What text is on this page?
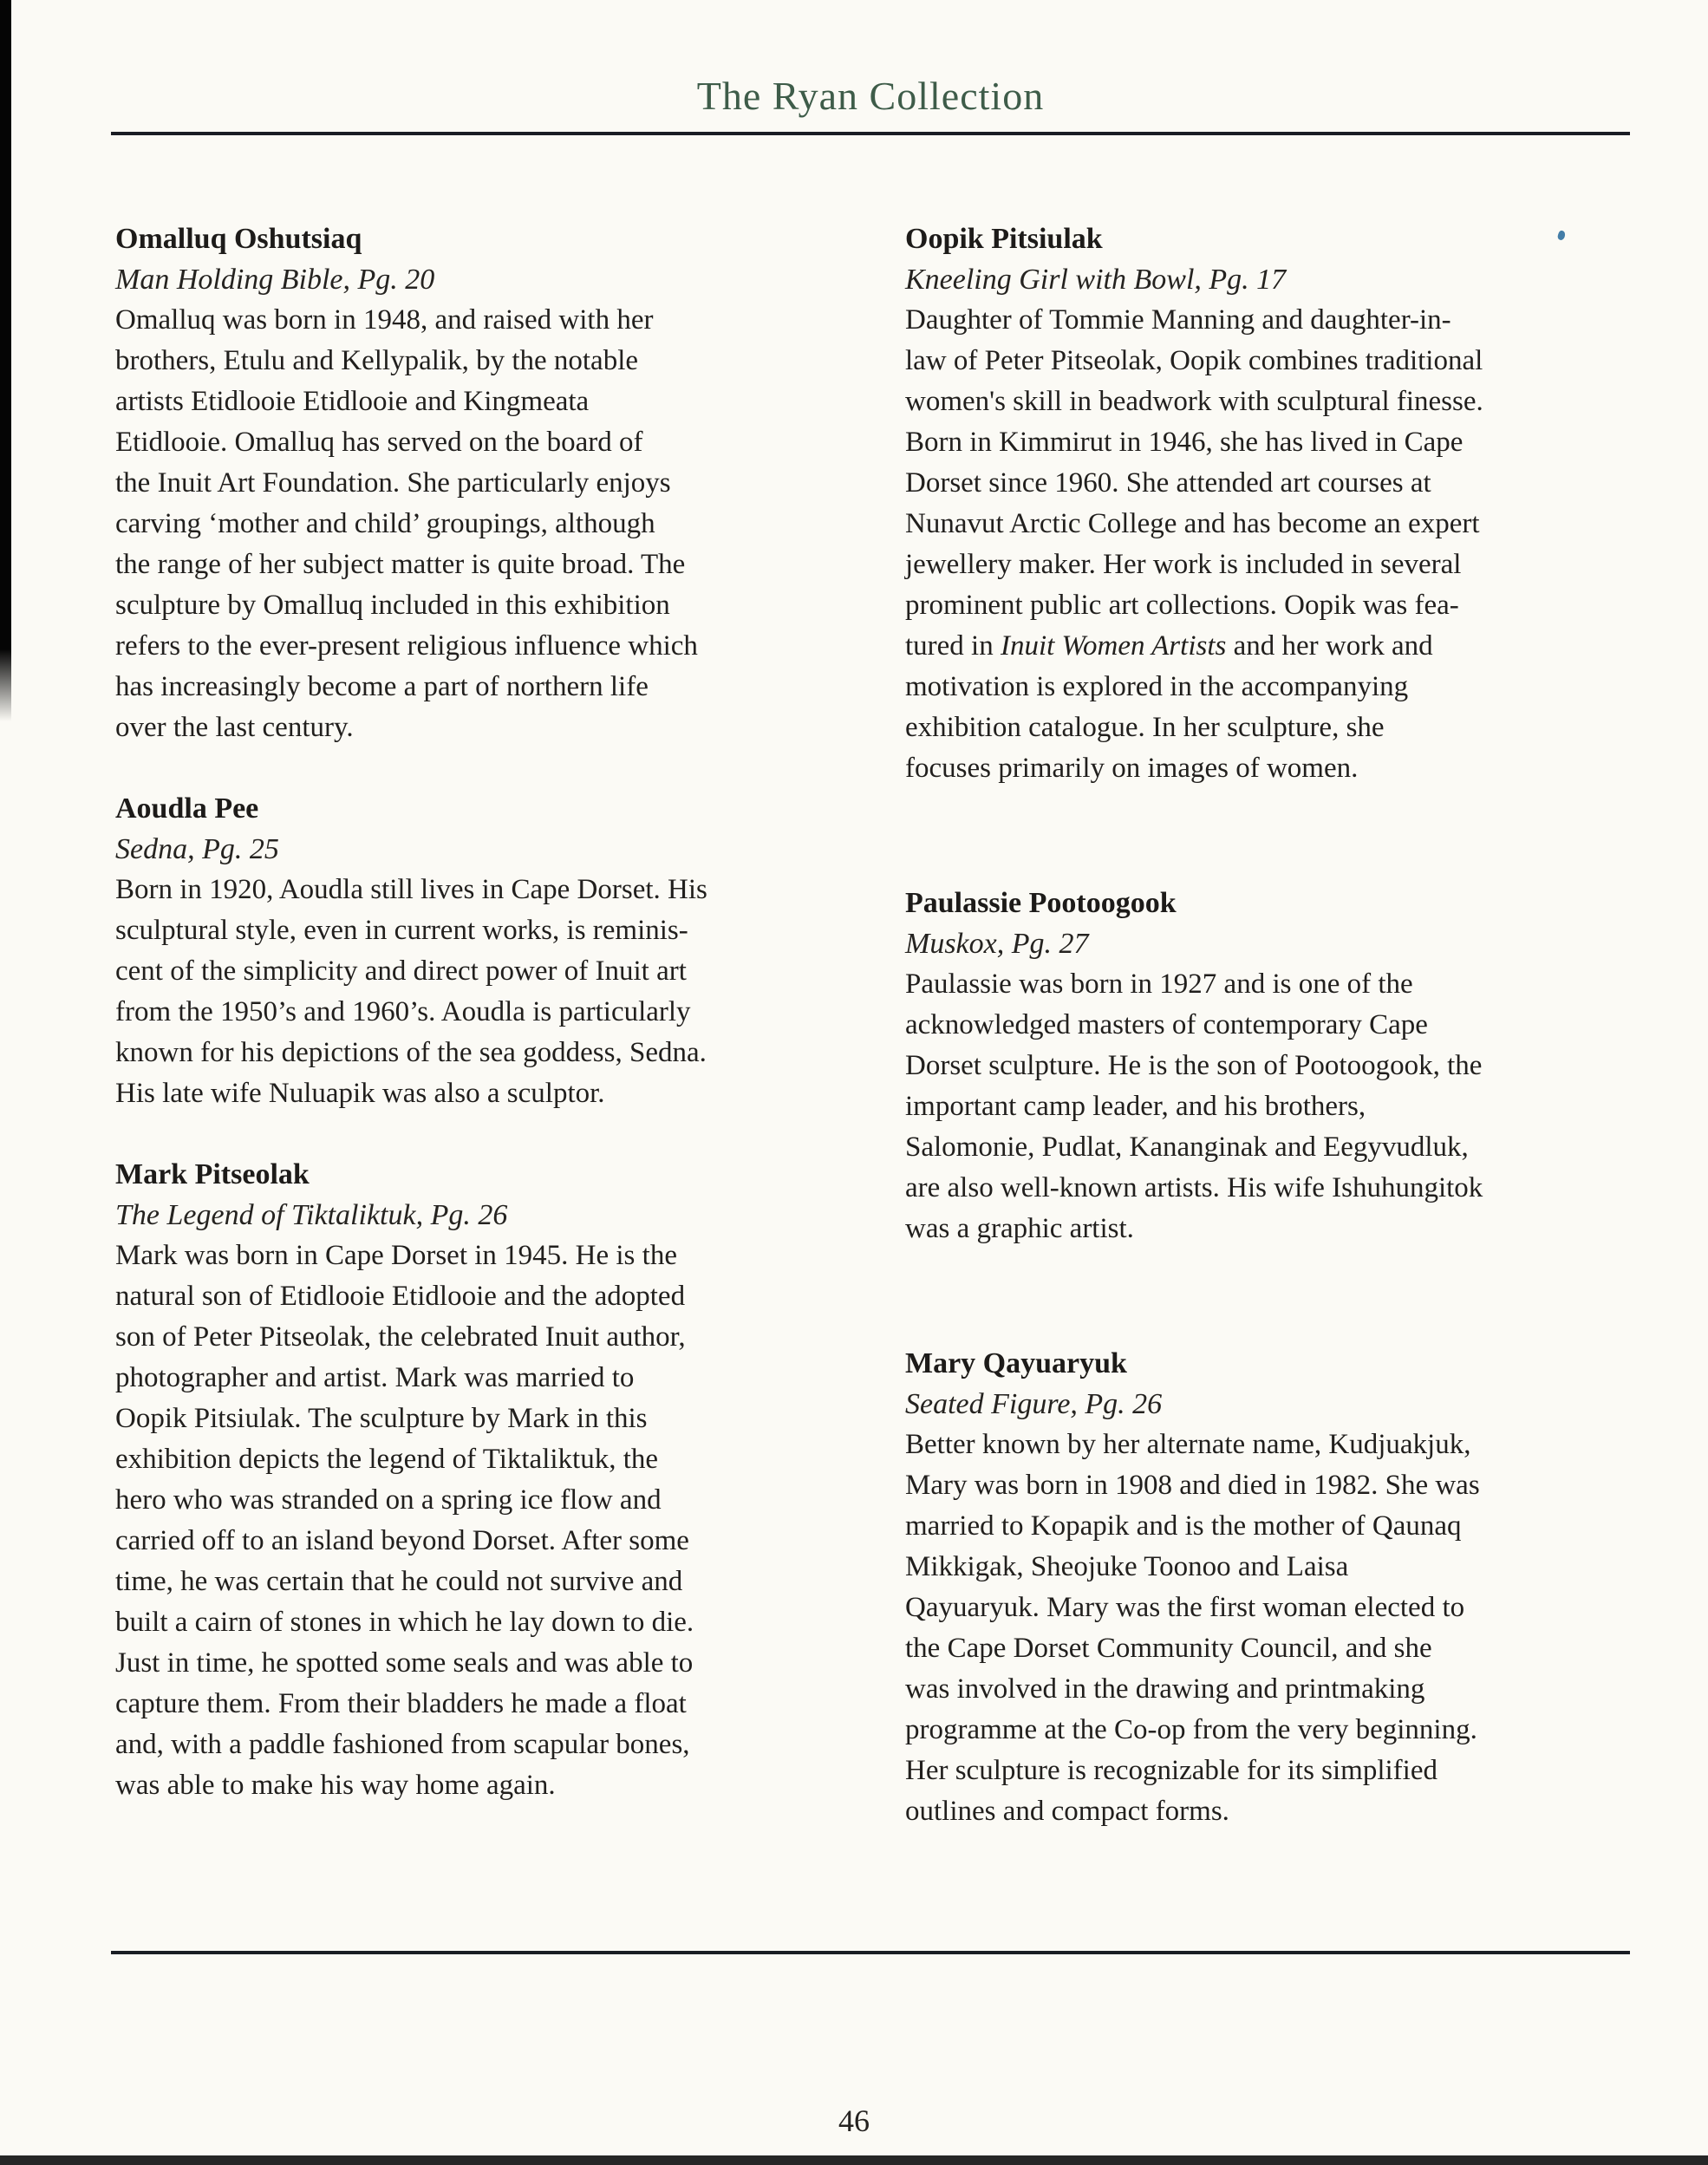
The Ryan Collection
Omalluq Oshutsiaq

Man Holding Bible, Pg. 20

Omalluq was born in 1948, and raised with her
brothers, Etulu and Kellypalik, by the notable
artists Etidlooie Etidlooie and Kingmeata
Etidlooie. Omalluq has served on the board of
the Inuit Art Foundation. She particularly enjoys
carving ‘mother and child’ groupings, although
the range of her subject matter is quite broad. The
sculpture by Omalluq included in this exhibition
refers to the ever-present religious influence which
has increasingly become a part of northern life
over the last century.

Aoudla Pee

Sedna, Pg. 25

Born in 1920, Aoudla still lives in Cape Dorset. His
sculptural style, even in current works, is reminis-
cent of the simplicity and direct power of Inuit art
from the 1950’s and 1960’s. Aoudla is particularly
known for his depictions of the sea goddess, Sedna.
His late wife Nuluapik was also a sculptor.

Mark Pitseolak

The Legend of Tiktaliktuk, Pg. 26

Mark was born in Cape Dorset in 1945. He is the
natural son of Etidlooie Etidlooie and the adopted
son of Peter Pitseolak, the celebrated Inuit author,
photographer and artist. Mark was married to
Oopik Pitsiulak. The sculpture by Mark in this
exhibition depicts the legend of Tiktaliktuk, the
hero who was stranded on a spring ice flow and
carried off to an island beyond Dorset. After some
time, he was certain that he could not survive and
built a cairn of stones in which he lay down to die.
Just in time, he spotted some seals and was able to
capture them. From their bladders he made a float
and, with a paddle fashioned from scapular bones,
was able to make his way home again.

Oopik Pitsiulak

Kneeling Girl with Bowl, Pg. 17

Daughter of Tommie Manning and daughter-in-
law of Peter Pitseolak, Oopik combines traditional
women's skill in beadwork with sculptural finesse.
Born in Kimmirut in 1946, she has lived in Cape
Dorset since 1960. She attended art courses at
Nunavut Arctic College and has become an expert
jewellery maker. Her work is included in several
prominent public art collections. Oopik was fea-
tured in Inuit Women Artists and her work and
motivation is explored in the accompanying
exhibition catalogue. In her sculpture, she
focuses primarily on images of women.

Paulassie Pootoogook

Muskox, Pg. 27

Paulassie was born in 1927 and is one of the
acknowledged masters of contemporary Cape
Dorset sculpture. He is the son of Pootoogook, the
important camp leader, and his brothers,
Salomonie, Pudlat, Kananginak and Eegyvudluk,
are also well-known artists. His wife Ishuhungitok
was a graphic artist.

Mary Qayuaryuk

Seated Figure, Pg. 26

Better known by her alternate name, Kudjuakjuk,
Mary was born in 1908 and died in 1982. She was
married to Kopapik and is the mother of Qaunaq
Mikkigak, Sheojuke Toonoo and Laisa
Qayuaryuk. Mary was the first woman elected to
the Cape Dorset Community Council, and she
was involved in the drawing and printmaking
programme at the Co-op from the very beginning.
Her sculpture is recognizable for its simplified
outlines and compact forms.

46
